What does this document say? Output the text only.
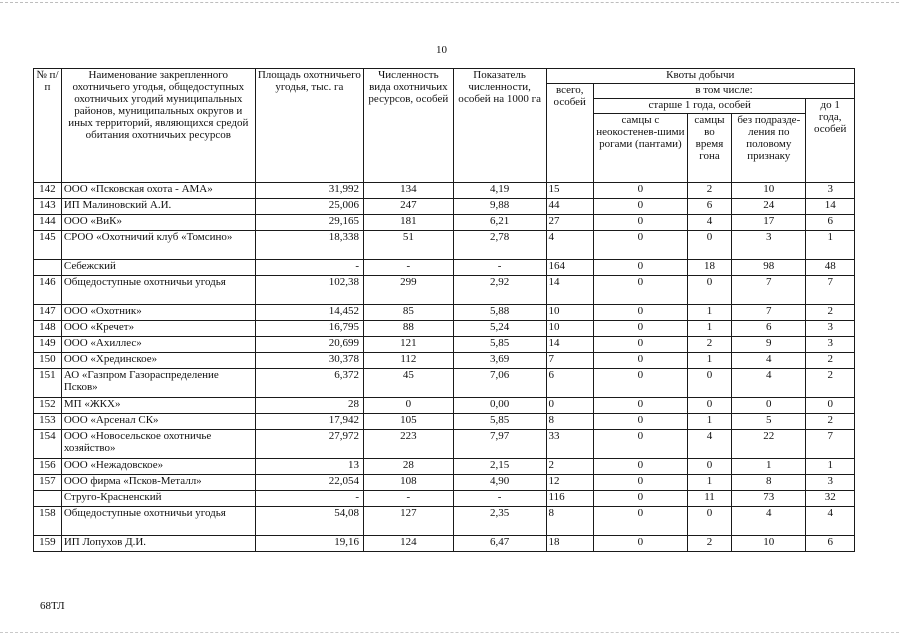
10
№ п/п	Наименование закрепленного охотничьего угодья, общедоступных охотничьих угодий муниципальных районов, муниципальных округов и иных территорий, являющихся средой обитания охотничьих ресурсов	Площадь охотничьего угодья, тыс. га	Численность вида охотничьих ресурсов, особей	Показатель численности, особей на 1000 га	Квоты добычи				
					всего, особей	в том числе:			
						старше 1 года, особей			до 1 года, особей
						самцы с неокостенев-шими рогами (пантами)	самцы во время гона	без подразде-ления по половому признаку	
142	ООО «Псковская охота - АМА»	31,992	134	4,19	15	0	2	10	3
143	ИП Малиновский А.И.	25,006	247	9,88	44	0	6	24	14
144	ООО «ВиК»	29,165	181	6,21	27	0	4	17	6
145	СРОО «Охотничий клуб «Томсино»	18,338	51	2,78	4	0	0	3	1
	Себежский	-	-	-	164	0	18	98	48
146	Общедоступные охотничьи угодья	102,38	299	2,92	14	0	0	7	7
147	ООО «Охотник»	14,452	85	5,88	10	0	1	7	2
148	ООО «Кречет»	16,795	88	5,24	10	0	1	6	3
149	ООО «Ахиллес»	20,699	121	5,85	14	0	2	9	3
150	ООО «Хрединское»	30,378	112	3,69	7	0	1	4	2
151	АО «Газпром Газораспределение Псков»	6,372	45	7,06	6	0	0	4	2
152	МП «ЖКХ»	28	0	0,00	0	0	0	0	0
153	ООО «Арсенал СК»	17,942	105	5,85	8	0	1	5	2
154	ООО «Новосельское охотничье хозяйство»	27,972	223	7,97	33	0	4	22	7
156	ООО «Нежадовское»	13	28	2,15	2	0	0	1	1
157	ООО фирма «Псков-Металл»	22,054	108	4,90	12	0	1	8	3
	Струго-Красненский	-	-	-	116	0	11	73	32
158	Общедоступные охотничьи угодья	54,08	127	2,35	8	0	0	4	4
159	ИП Лопухов Д.И.	19,16	124	6,47	18	0	2	10	6
68ТЛ
